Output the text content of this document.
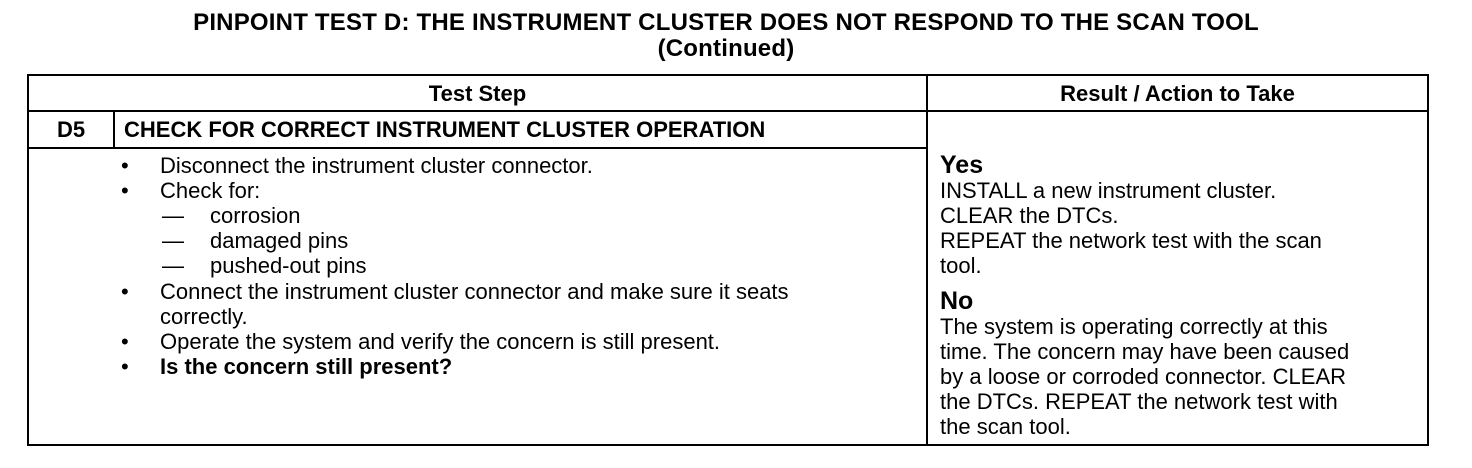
PINPOINT TEST D: THE INSTRUMENT CLUSTER DOES NOT RESPOND TO THE SCAN TOOL
(Continued)
Test Step	Result / Action to Take
D5	CHECK FOR CORRECT INSTRUMENT CLUSTER OPERATION
• Disconnect the instrument cluster connector.
• Check for:
— corrosion
— damaged pins
— pushed-out pins
• Connect the instrument cluster connector and make sure it seats
correctly.
• Operate the system and verify the concern is still present.
• Is the concern still present?
Yes
INSTALL a new instrument cluster.
CLEAR the DTCs.
REPEAT the network test with the scan
tool.
No
The system is operating correctly at this
time. The concern may have been caused
by a loose or corroded connector. CLEAR
the DTCs. REPEAT the network test with
the scan tool.
